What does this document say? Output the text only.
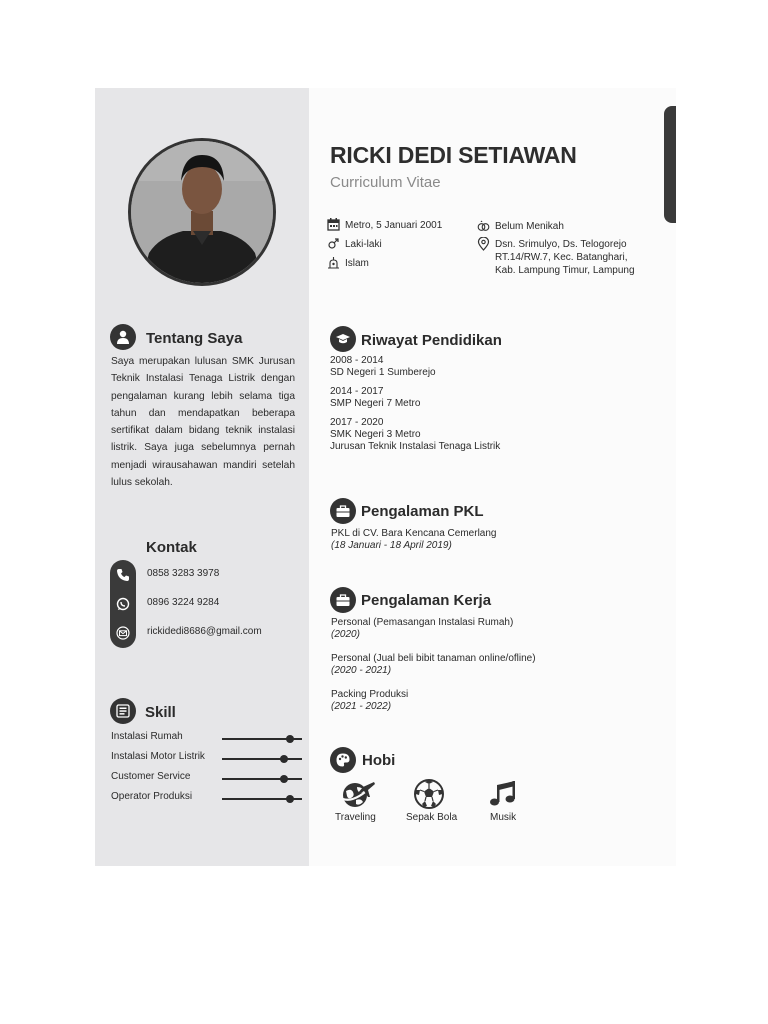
RICKI DEDI SETIAWAN
Curriculum Vitae
Metro, 5 Januari 2001
Laki-laki
Islam
Belum Menikah
Dsn. Srimulyo, Ds. Telogorejo
RT.14/RW.7, Kec. Batanghari,
Kab. Lampung Timur, Lampung
Tentang Saya
Saya merupakan lulusan SMK Jurusan Teknik Instalasi Tenaga Listrik dengan pengalaman kurang lebih selama tiga tahun dan mendapatkan beberapa sertifikat dalam bidang teknik instalasi listrik. Saya juga sebelumnya pernah menjadi wirausahawan mandiri setelah lulus sekolah.
Kontak
0858 3283 3978
0896 3224 9284
rickidedi8686@gmail.com
Skill
Instalasi Rumah
Instalasi Motor Listrik
Customer Service
Operator Produksi
Riwayat Pendidikan
2008 - 2014
SD Negeri 1 Sumberejo
2014 - 2017
SMP Negeri 7 Metro
2017 - 2020
SMK Negeri 3 Metro
Jurusan Teknik Instalasi Tenaga Listrik
Pengalaman PKL
PKL di CV. Bara Kencana Cemerlang
(18 Januari - 18 April 2019)
Pengalaman Kerja
Personal (Pemasangan Instalasi Rumah)
(2020)
Personal (Jual beli bibit tanaman online/ofline)
(2020 - 2021)
Packing Produksi
(2021 - 2022)
Hobi
Traveling	Sepak Bola	Musik
